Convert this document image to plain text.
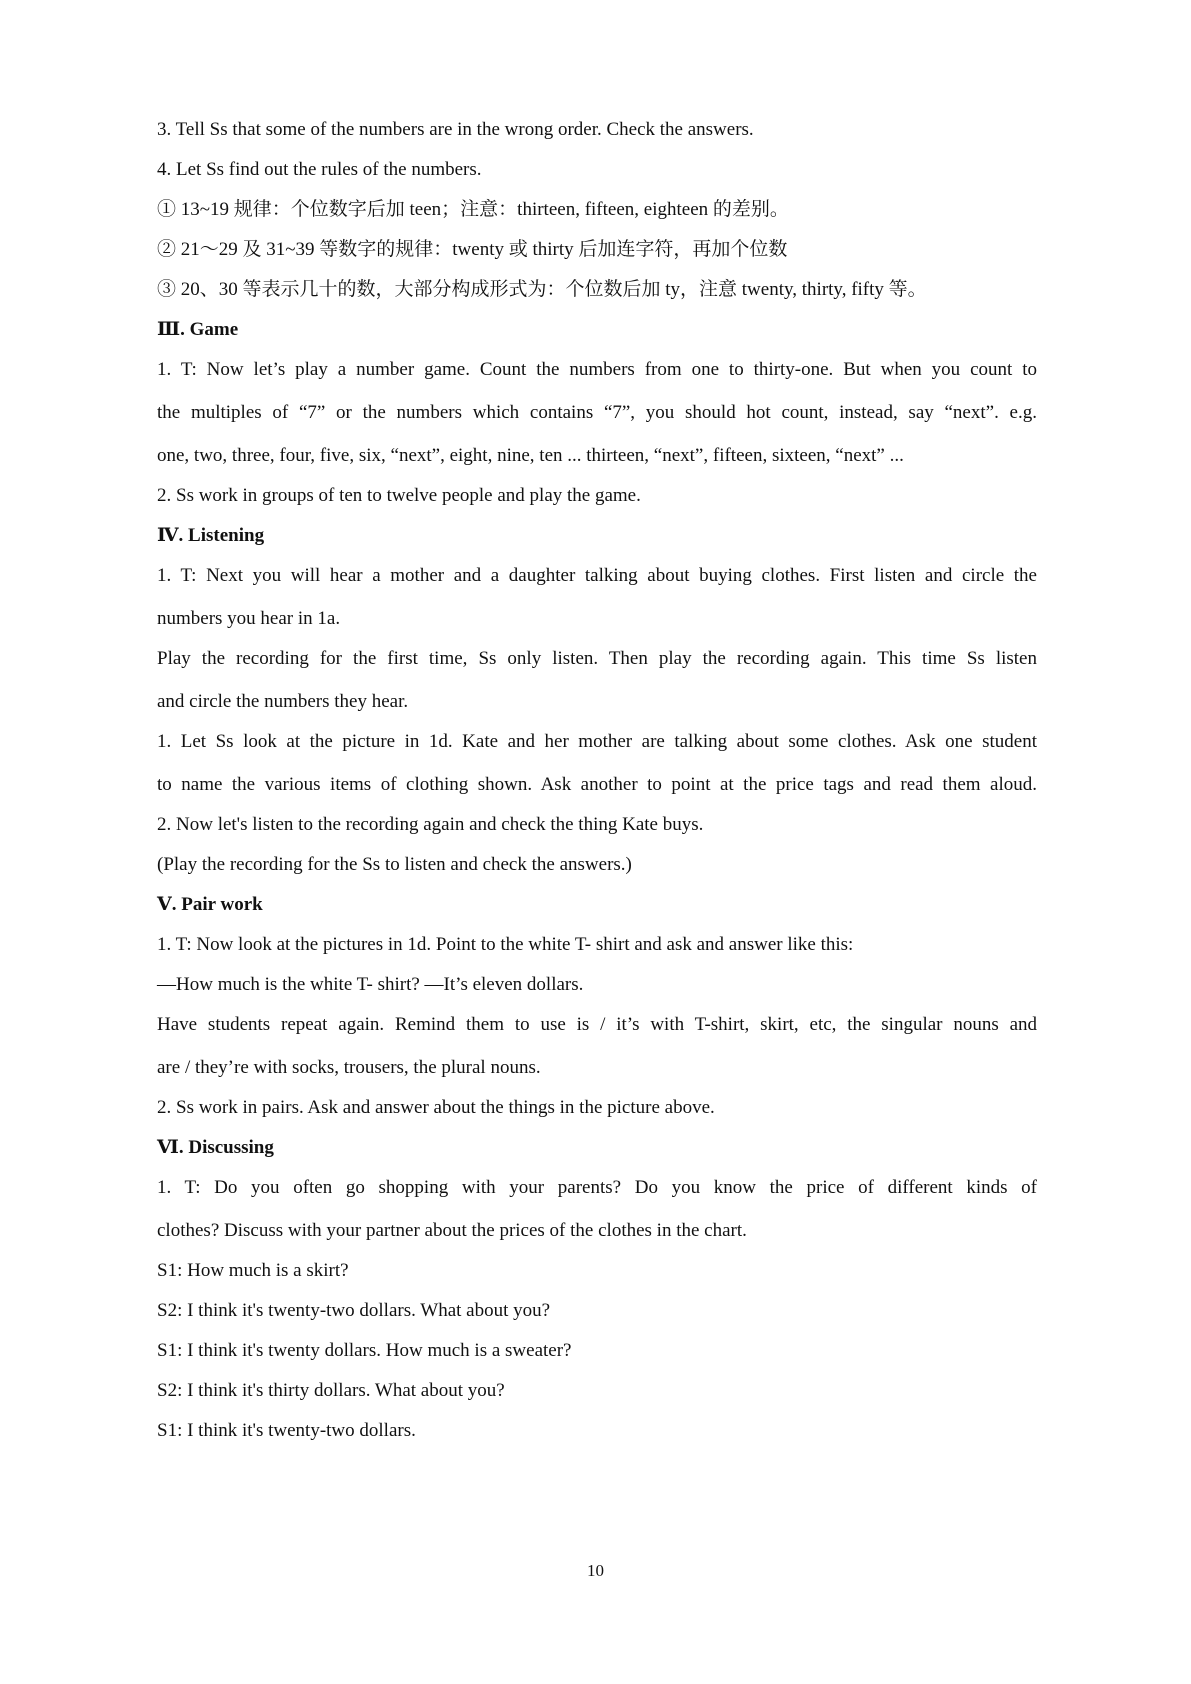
3. Tell Ss that some of the numbers are in the wrong order. Check the answers.
4. Let Ss find out the rules of the numbers.
① 13~19 规律：个位数字后加 teen；注意：thirteen, fifteen, eighteen 的差别。
② 21～29 及 31~39 等数字的规律：twenty 或 thirty 后加连字符，再加个位数
③ 20、30 等表示几十的数，大部分构成形式为：个位数后加 ty，注意 twenty, thirty, fifty 等。
Ⅲ. Game
1. T: Now let’s play a number game. Count the numbers from one to thirty-one. But when you count to
the multiples of “7” or the numbers which contains “7”, you should hot count, instead, say “next”. e.g.
one, two, three, four, five, six, “next”, eight, nine, ten ... thirteen, “next”, fifteen, sixteen, “next” ...
2. Ss work in groups of ten to twelve people and play the game.
Ⅳ. Listening
1. T: Next you will hear a mother and a daughter talking about buying clothes. First listen and circle the
numbers you hear in 1a.
Play the recording for the first time, Ss only listen. Then play the recording again. This time Ss listen
and circle the numbers they hear.
1. Let Ss look at the picture in 1d. Kate and her mother are talking about some clothes. Ask one student
to name the various items of clothing shown. Ask another to point at the price tags and read them aloud.
2. Now let's listen to the recording again and check the thing Kate buys.
(Play the recording for the Ss to listen and check the answers.)
Ⅴ. Pair work
1. T: Now look at the pictures in 1d. Point to the white T- shirt and ask and answer like this:
—How much is the white T- shirt? —It’s eleven dollars.
Have students repeat again. Remind them to use is / it’s with T-shirt, skirt, etc, the singular nouns and
are / they’re with socks, trousers, the plural nouns.
2. Ss work in pairs. Ask and answer about the things in the picture above.
Ⅵ. Discussing
1. T: Do you often go shopping with your parents? Do you know the price of different kinds of
clothes? Discuss with your partner about the prices of the clothes in the chart.
S1: How much is a skirt?
S2: I think it's twenty-two dollars. What about you?
S1: I think it's twenty dollars. How much is a sweater?
S2: I think it's thirty dollars. What about you?
S1: I think it's twenty-two dollars.
10
